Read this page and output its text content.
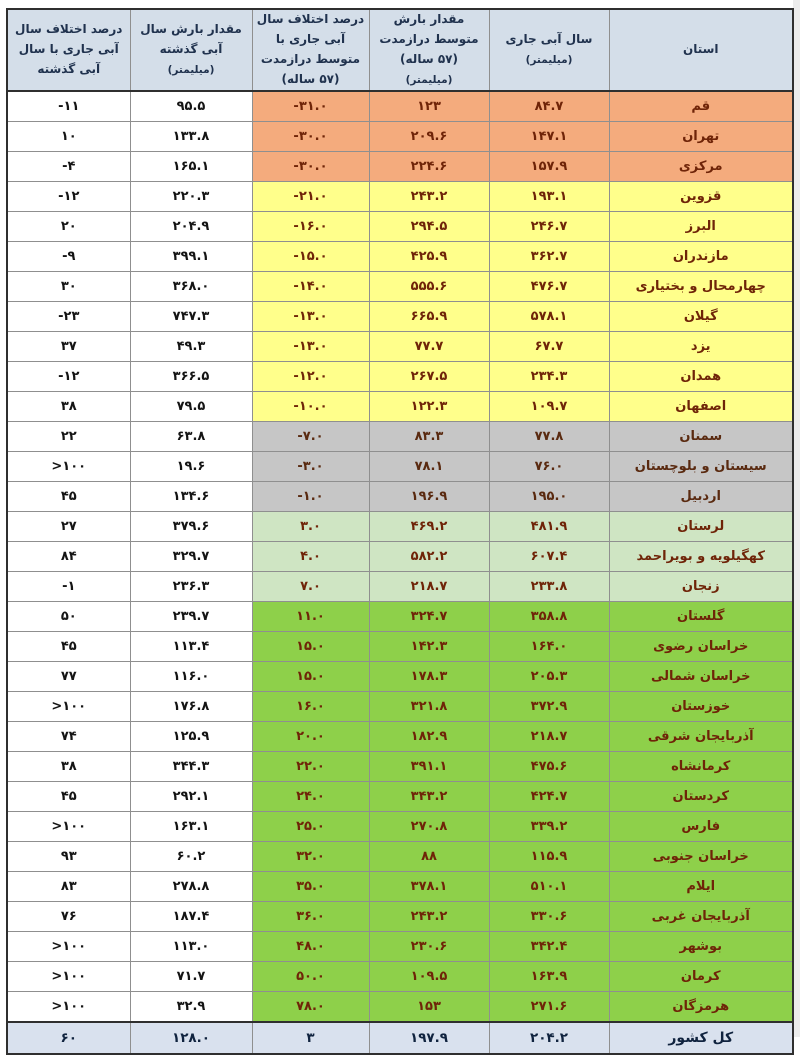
درصد اختلاف سال آبی جاری با سال آبی گذشته	مقدار بارش سال آبی گذشته
(میلیمتر)	درصد اختلاف سال آبی جاری با متوسط درازمدت (۵۷ ساله)	مقدار بارش متوسط درازمدت (۵۷ ساله)
(میلیمتر)	سال آبی جاری
(میلیمتر)	استان
-۱۱	۹۵.۵	-۳۱.۰	۱۲۳	۸۴.۷	قم
۱۰	۱۳۳.۸	-۳۰.۰	۲۰۹.۶	۱۴۷.۱	تهران
-۴	۱۶۵.۱	-۳۰.۰	۲۲۴.۶	۱۵۷.۹	مرکزی
-۱۲	۲۲۰.۳	-۲۱.۰	۲۴۳.۲	۱۹۳.۱	قزوین
۲۰	۲۰۴.۹	-۱۶.۰	۲۹۴.۵	۲۴۶.۷	البرز
-۹	۳۹۹.۱	-۱۵.۰	۴۲۵.۹	۳۶۲.۷	مازندران
۳۰	۳۶۸.۰	-۱۴.۰	۵۵۵.۶	۴۷۶.۷	چهارمحال و بختیاری
-۲۳	۷۴۷.۳	-۱۳.۰	۶۶۵.۹	۵۷۸.۱	گیلان
۳۷	۴۹.۳	-۱۳.۰	۷۷.۷	۶۷.۷	یزد
-۱۲	۳۶۶.۵	-۱۲.۰	۲۶۷.۵	۲۳۴.۳	همدان
۳۸	۷۹.۵	-۱۰.۰	۱۲۲.۳	۱۰۹.۷	اصفهان
۲۲	۶۳.۸	-۷.۰	۸۳.۳	۷۷.۸	سمنان
>۱۰۰	۱۹.۶	-۳.۰	۷۸.۱	۷۶.۰	سیستان و بلوچستان
۴۵	۱۳۴.۶	-۱.۰	۱۹۶.۹	۱۹۵.۰	اردبیل
۲۷	۳۷۹.۶	۳.۰	۴۶۹.۲	۴۸۱.۹	لرستان
۸۴	۳۲۹.۷	۴.۰	۵۸۲.۲	۶۰۷.۴	کهگیلویه و بویراحمد
-۱	۲۳۶.۳	۷.۰	۲۱۸.۷	۲۳۳.۸	زنجان
۵۰	۲۳۹.۷	۱۱.۰	۳۲۴.۷	۳۵۸.۸	گلستان
۴۵	۱۱۳.۴	۱۵.۰	۱۴۲.۳	۱۶۴.۰	خراسان رضوی
۷۷	۱۱۶.۰	۱۵.۰	۱۷۸.۳	۲۰۵.۳	خراسان شمالی
>۱۰۰	۱۷۶.۸	۱۶.۰	۳۲۱.۸	۳۷۲.۹	خوزستان
۷۴	۱۲۵.۹	۲۰.۰	۱۸۲.۹	۲۱۸.۷	آذربایجان شرقی
۳۸	۳۴۴.۳	۲۲.۰	۳۹۱.۱	۴۷۵.۶	کرمانشاه
۴۵	۲۹۲.۱	۲۴.۰	۳۴۳.۲	۴۲۴.۷	کردستان
>۱۰۰	۱۶۳.۱	۲۵.۰	۲۷۰.۸	۳۳۹.۲	فارس
۹۳	۶۰.۲	۳۲.۰	۸۸	۱۱۵.۹	خراسان جنوبی
۸۳	۲۷۸.۸	۳۵.۰	۳۷۸.۱	۵۱۰.۱	ایلام
۷۶	۱۸۷.۴	۳۶.۰	۲۴۳.۲	۳۳۰.۶	آذربایجان غربی
>۱۰۰	۱۱۳.۰	۴۸.۰	۲۳۰.۶	۳۴۲.۴	بوشهر
>۱۰۰	۷۱.۷	۵۰.۰	۱۰۹.۵	۱۶۳.۹	کرمان
>۱۰۰	۳۲.۹	۷۸.۰	۱۵۳	۲۷۱.۶	هرمزگان
۶۰	۱۲۸.۰	۳	۱۹۷.۹	۲۰۴.۲	کل کشور
